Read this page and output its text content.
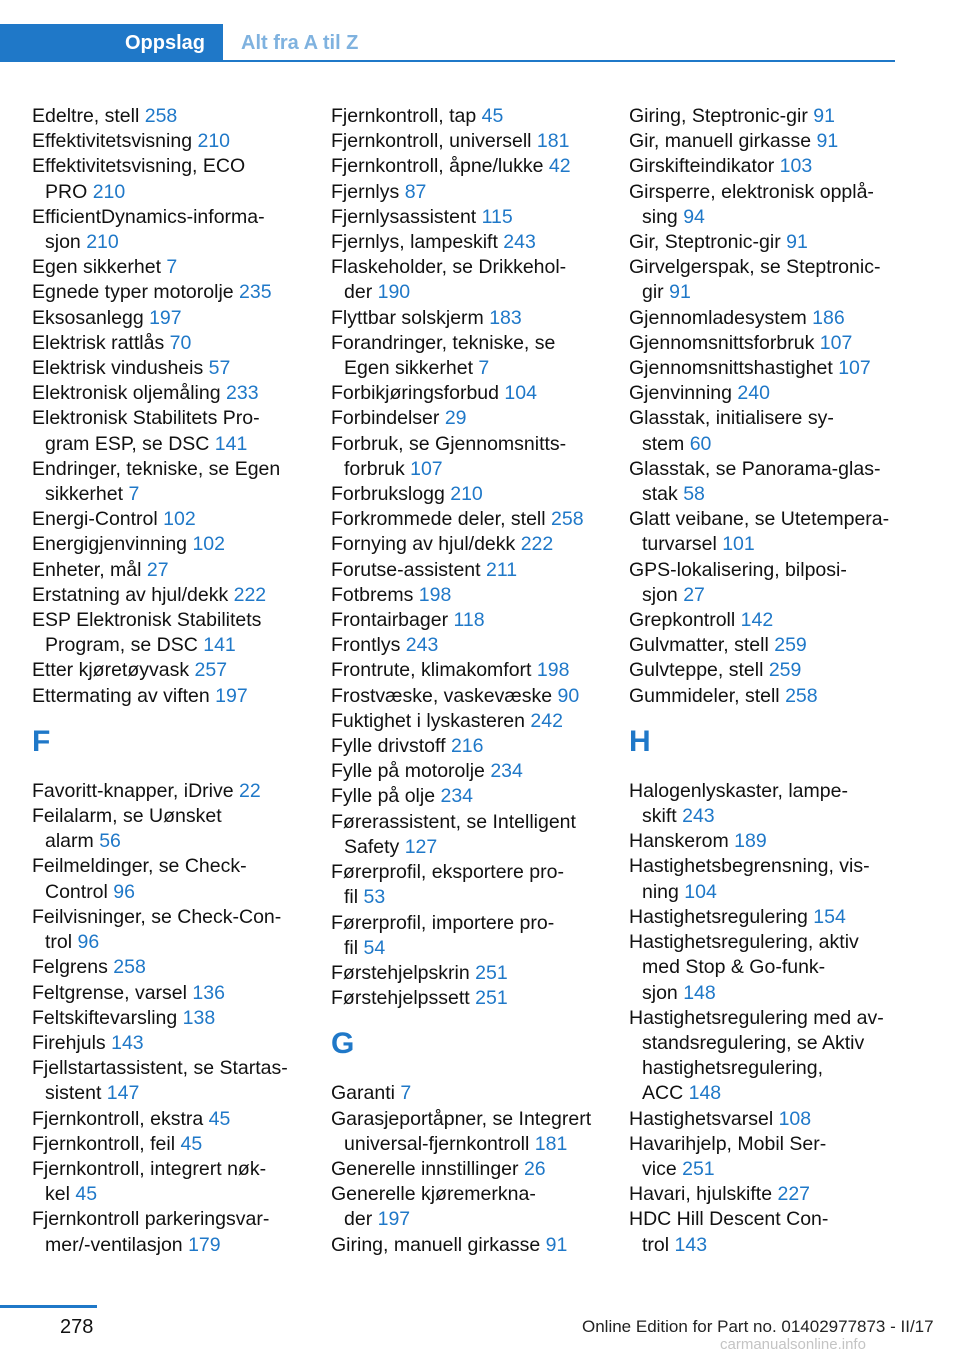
Oppslag	Alt fra A til Z
Edeltre, stell 258
Effektivitetsvisning 210
Effektivitetsvisning, ECO
PRO 210
EfficientDynamics-informa-
sjon 210
Egen sikkerhet 7
Egnede typer motorolje 235
Eksosanlegg 197
Elektrisk rattlås 70
Elektrisk vindusheis 57
Elektronisk oljemåling 233
Elektronisk Stabilitets Pro-
gram ESP, se DSC 141
Endringer, tekniske, se Egen
sikkerhet 7
Energi-Control 102
Energigjenvinning 102
Enheter, mål 27
Erstatning av hjul/dekk 222
ESP Elektronisk Stabilitets
Program, se DSC 141
Etter kjøretøyvask 257
Ettermating av viften 197
F
Favoritt-knapper, iDrive 22
Feilalarm, se Uønsket
alarm 56
Feilmeldinger, se Check-
Control 96
Feilvisninger, se Check-Con-
trol 96
Felgrens 258
Feltgrense, varsel 136
Feltskiftevarsling 138
Firehjuls 143
Fjellstartassistent, se Startas-
sistent 147
Fjernkontroll, ekstra 45
Fjernkontroll, feil 45
Fjernkontroll, integrert nøk-
kel 45
Fjernkontroll parkeringsvar-
mer/-ventilasjon 179
Fjernkontroll, tap 45
Fjernkontroll, universell 181
Fjernkontroll, åpne/lukke 42
Fjernlys 87
Fjernlysassistent 115
Fjernlys, lampeskift 243
Flaskeholder, se Drikkehol-
der 190
Flyttbar solskjerm 183
Forandringer, tekniske, se
Egen sikkerhet 7
Forbikjøringsforbud 104
Forbindelser 29
Forbruk, se Gjennomsnitts-
forbruk 107
Forbrukslogg 210
Forkrommede deler, stell 258
Fornying av hjul/dekk 222
Forutse-assistent 211
Fotbrems 198
Frontairbager 118
Frontlys 243
Frontrute, klimakomfort 198
Frostvæske, vaskevæske 90
Fuktighet i lyskasteren 242
Fylle drivstoff 216
Fylle på motorolje 234
Fylle på olje 234
Førerassistent, se Intelligent
Safety 127
Førerprofil, eksportere pro-
fil 53
Førerprofil, importere pro-
fil 54
Førstehjelpskrin 251
Førstehjelpssett 251
G
Garanti 7
Garasjeportåpner, se Integrert
universal-fjernkontroll 181
Generelle innstillinger 26
Generelle kjøremerkna-
der 197
Giring, manuell girkasse 91
Giring, Steptronic-gir 91
Gir, manuell girkasse 91
Girskifteindikator 103
Girsperre, elektronisk opplå-
sing 94
Gir, Steptronic-gir 91
Girvelgerspak, se Steptronic-
gir 91
Gjennomladesystem 186
Gjennomsnittsforbruk 107
Gjennomsnittshastighet 107
Gjenvinning 240
Glasstak, initialisere sy-
stem 60
Glasstak, se Panorama-glas-
stak 58
Glatt veibane, se Utetempera-
turvarsel 101
GPS-lokalisering, bilposi-
sjon 27
Grepkontroll 142
Gulvmatter, stell 259
Gulvteppe, stell 259
Gummideler, stell 258
H
Halogenlyskaster, lampe-
skift 243
Hanskerom 189
Hastighetsbegrensning, vis-
ning 104
Hastighetsregulering 154
Hastighetsregulering, aktiv
med Stop & Go-funk-
sjon 148
Hastighetsregulering med av-
standsregulering, se Aktiv
hastighetsregulering,
ACC 148
Hastighetsvarsel 108
Havarihjelp, Mobil Ser-
vice 251
Havari, hjulskifte 227
HDC Hill Descent Con-
trol 143
278	Online Edition for Part no. 01402977873 - II/17
carmanualsonline.info
